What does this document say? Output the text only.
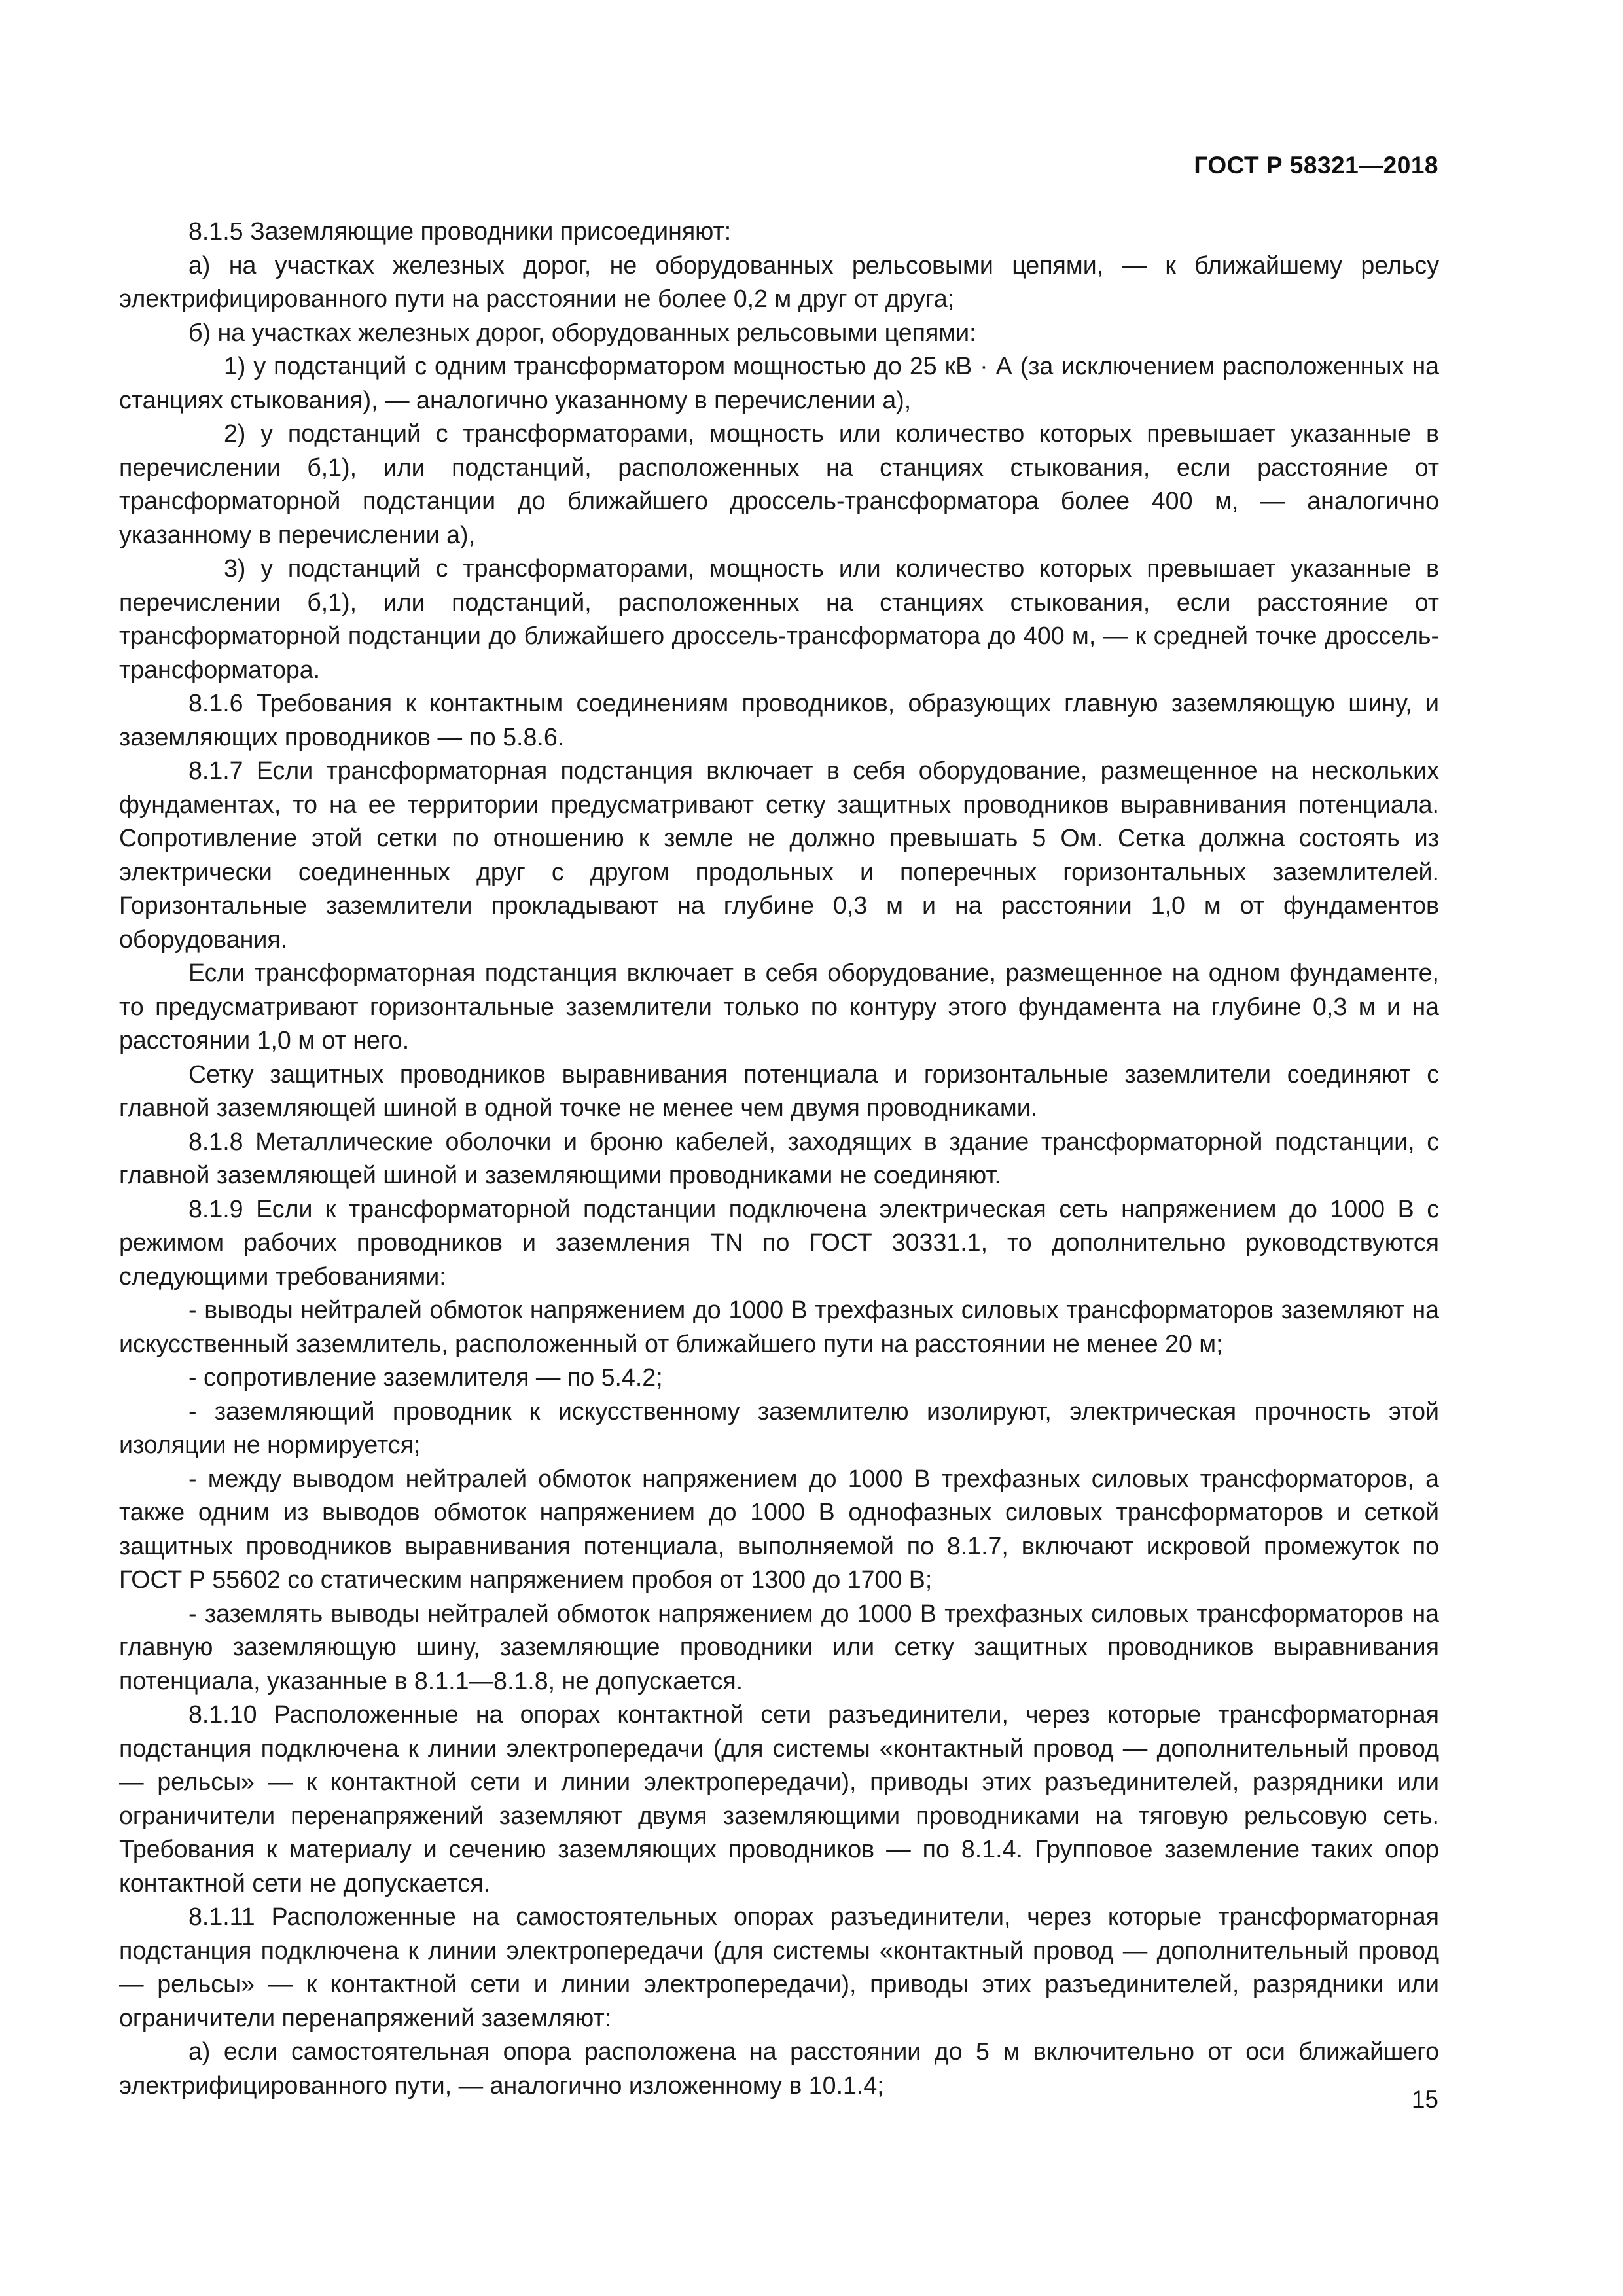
ГОСТ Р 58321—2018

8.1.5 Заземляющие проводники присоединяют:

а) на участках железных дорог, не оборудованных рельсовыми цепями, — к ближайшему рельсу электрифицированного пути на расстоянии не более 0,2 м друг от друга;

б) на участках железных дорог, оборудованных рельсовыми цепями:

1) у подстанций с одним трансформатором мощностью до 25 кВ · А (за исключением расположенных на станциях стыкования), — аналогично указанному в перечислении а),

2) у подстанций с трансформаторами, мощность или количество которых превышает указанные в перечислении б,1), или подстанций, расположенных на станциях стыкования, если расстояние от трансформаторной подстанции до ближайшего дроссель-трансформатора более 400 м, — аналогично указанному в перечислении а),

3) у подстанций с трансформаторами, мощность или количество которых превышает указанные в перечислении б,1), или подстанций, расположенных на станциях стыкования, если расстояние от трансформаторной подстанции до ближайшего дроссель-трансформатора до 400 м, — к средней точке дроссель-трансформатора.

8.1.6 Требования к контактным соединениям проводников, образующих главную заземляющую шину, и заземляющих проводников — по 5.8.6.

8.1.7 Если трансформаторная подстанция включает в себя оборудование, размещенное на нескольких фундаментах, то на ее территории предусматривают сетку защитных проводников выравнивания потенциала. Сопротивление этой сетки по отношению к земле не должно превышать 5 Ом. Сетка должна состоять из электрически соединенных друг с другом продольных и поперечных горизонтальных заземлителей. Горизонтальные заземлители прокладывают на глубине 0,3 м и на расстоянии 1,0 м от фундаментов оборудования.

Если трансформаторная подстанция включает в себя оборудование, размещенное на одном фундаменте, то предусматривают горизонтальные заземлители только по контуру этого фундамента на глубине 0,3 м и на расстоянии 1,0 м от него.

Сетку защитных проводников выравнивания потенциала и горизонтальные заземлители соединяют с главной заземляющей шиной в одной точке не менее чем двумя проводниками.

8.1.8 Металлические оболочки и броню кабелей, заходящих в здание трансформаторной подстанции, с главной заземляющей шиной и заземляющими проводниками не соединяют.

8.1.9 Если к трансформаторной подстанции подключена электрическая сеть напряжением до 1000 В с режимом рабочих проводников и заземления TN по ГОСТ 30331.1, то дополнительно руководствуются следующими требованиями:

- выводы нейтралей обмоток напряжением до 1000 В трехфазных силовых трансформаторов заземляют на искусственный заземлитель, расположенный от ближайшего пути на расстоянии не менее 20 м;

- сопротивление заземлителя — по 5.4.2;

- заземляющий проводник к искусственному заземлителю изолируют, электрическая прочность этой изоляции не нормируется;

- между выводом нейтралей обмоток напряжением до 1000 В трехфазных силовых трансформаторов, а также одним из выводов обмоток напряжением до 1000 В однофазных силовых трансформаторов и сеткой защитных проводников выравнивания потенциала, выполняемой по 8.1.7, включают искровой промежуток по ГОСТ Р 55602 со статическим напряжением пробоя от 1300 до 1700 В;

- заземлять выводы нейтралей обмоток напряжением до 1000 В трехфазных силовых трансформаторов на главную заземляющую шину, заземляющие проводники или сетку защитных проводников выравнивания потенциала, указанные в 8.1.1—8.1.8, не допускается.

8.1.10 Расположенные на опорах контактной сети разъединители, через которые трансформаторная подстанция подключена к линии электропередачи (для системы «контактный провод — дополнительный провод — рельсы» — к контактной сети и линии электропередачи), приводы этих разъединителей, разрядники или ограничители перенапряжений заземляют двумя заземляющими проводниками на тяговую рельсовую сеть. Требования к материалу и сечению заземляющих проводников — по 8.1.4. Групповое заземление таких опор контактной сети не допускается.

8.1.11 Расположенные на самостоятельных опорах разъединители, через которые трансформаторная подстанция подключена к линии электропередачи (для системы «контактный провод — дополнительный провод — рельсы» — к контактной сети и линии электропередачи), приводы этих разъединителей, разрядники или ограничители перенапряжений заземляют:

а) если самостоятельная опора расположена на расстоянии до 5 м включительно от оси ближайшего электрифицированного пути, — аналогично изложенному в 10.1.4;

15
